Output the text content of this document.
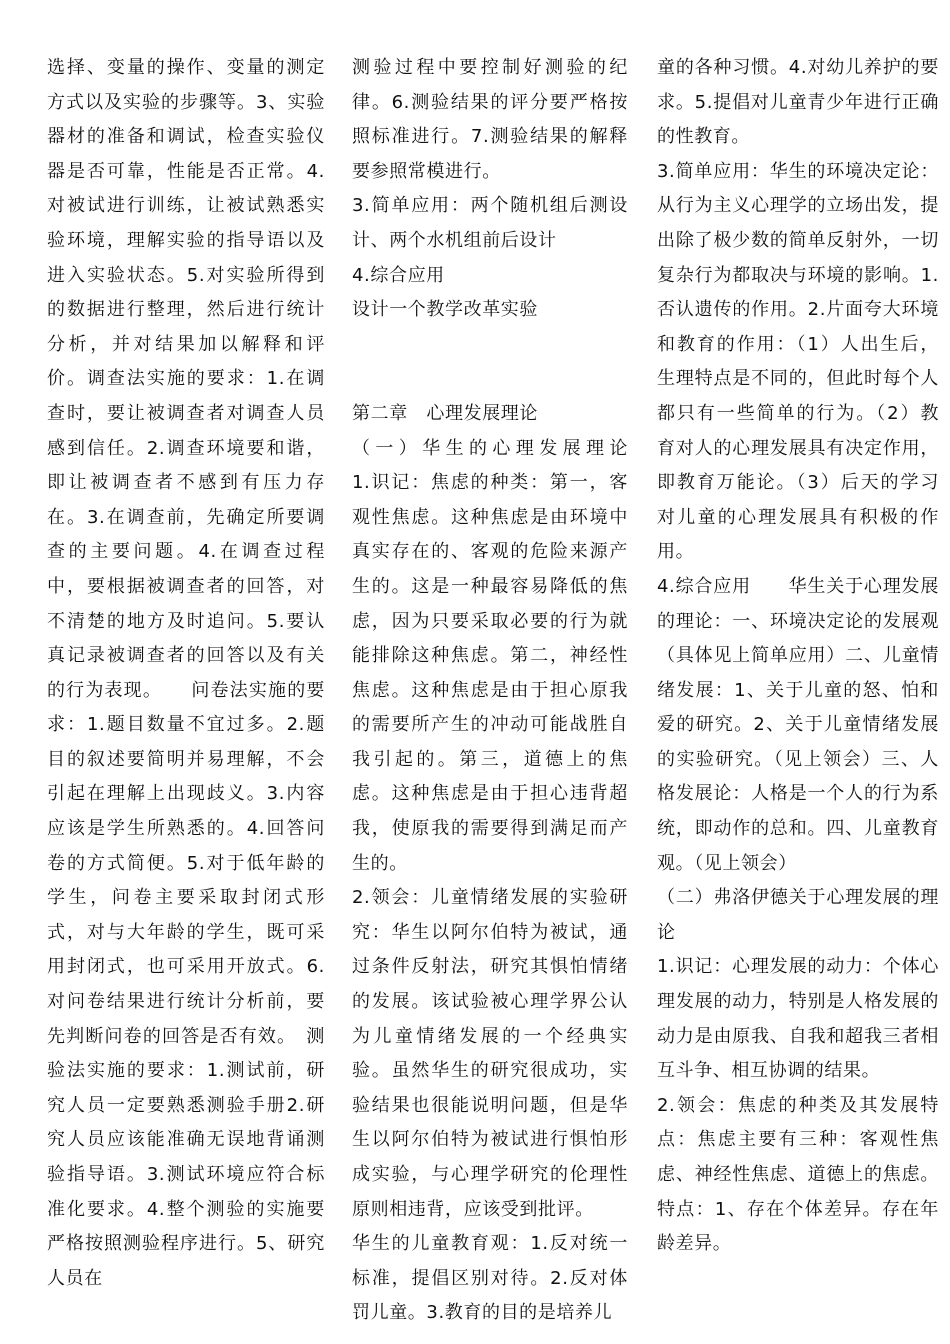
选择、变量的操作、变量的测定方式以及实验的步骤等。3、实验器材的准备和调试，检查实验仪器是否可靠，性能是否正常。4.对被试进行训练，让被试熟悉实验环境，理解实验的指导语以及进入实验状态。5.对实验所得到的数据进行整理，然后进行统计分析，并对结果加以解释和评价。调查法实施的要求：1.在调查时，要让被调查者对调查人员感到信任。2.调查环境要和谐，即让被调查者不感到有压力存在。3.在调查前，先确定所要调查的主要问题。4.在调查过程中，要根据被调查者的回答，对不清楚的地方及时追问。5.要认真记录被调查者的回答以及有关的行为表现。　　问卷法实施的要求：1.题目数量不宜过多。2.题目的叙述要简明并易理解，不会引起在理解上出现歧义。3.内容应该是学生所熟悉的。4.回答问卷的方式简便。5.对于低年龄的学生，问卷主要采取封闭式形式，对与大年龄的学生，既可采用封闭式，也可采用开放式。6.对问卷结果进行统计分析前，要先判断问卷的回答是否有效。　测验法实施的要求：1.测试前，研究人员一定要熟悉测验手册2.研究人员应该能准确无误地背诵测验指导语。3.测试环境应符合标准化要求。4.整个测验的实施要严格按照测验程序进行。5、研究人员在

测验过程中要控制好测验的纪律。6.测验结果的评分要严格按照标准进行。7.测验结果的解释要参照常模进行。

3.简单应用：两个随机组后测设计、两个水机组前后设计

4.综合应用

设计一个教学改革实验

第二章　心理发展理论

（一）华生的心理发展理论　　1.识记：焦虑的种类：第一，客观性焦虑。这种焦虑是由环境中真实存在的、客观的危险来源产生的。这是一种最容易降低的焦虑，因为只要采取必要的行为就能排除这种焦虑。第二，神经性焦虑。这种焦虑是由于担心原我的需要所产生的冲动可能战胜自我引起的。第三，道德上的焦虑。这种焦虑是由于担心违背超我，使原我的需要得到满足而产生的。

2.领会：儿童情绪发展的实验研究：华生以阿尔伯特为被试，通过条件反射法，研究其惧怕情绪的发展。该试验被心理学界公认为儿童情绪发展的一个经典实验。虽然华生的研究很成功，实验结果也很能说明问题，但是华生以阿尔伯特为被试进行惧怕形成实验，与心理学研究的伦理性原则相违背，应该受到批评。

华生的儿童教育观：1.反对统一标准，提倡区别对待。2.反对体罚儿童。3.教育的目的是培养儿

童的各种习惯。4.对幼儿养护的要求。5.提倡对儿童青少年进行正确的性教育。

3.简单应用：华生的环境决定论：从行为主义心理学的立场出发，提出除了极少数的简单反射外，一切复杂行为都取决与环境的影响。1.否认遗传的作用。2.片面夸大环境和教育的作用：（1）人出生后，生理特点是不同的，但此时每个人都只有一些简单的行为。（2）教育对人的心理发展具有决定作用，即教育万能论。（3）后天的学习对儿童的心理发展具有积极的作用。

4.综合应用　　华生关于心理发展的理论：一、环境决定论的发展观（具体见上简单应用）二、儿童情绪发展：1、关于儿童的怒、怕和爱的研究。2、关于儿童情绪发展的实验研究。（见上领会）三、人格发展论：人格是一个人的行为系统，即动作的总和。四、儿童教育观。（见上领会）

（二）弗洛伊德关于心理发展的理论

1.识记：心理发展的动力：个体心理发展的动力，特别是人格发展的动力是由原我、自我和超我三者相互斗争、相互协调的结果。

2.领会：焦虑的种类及其发展特点：焦虑主要有三种：客观性焦虑、神经性焦虑、道德上的焦虑。特点：1、存在个体差异。存在年龄差异。
